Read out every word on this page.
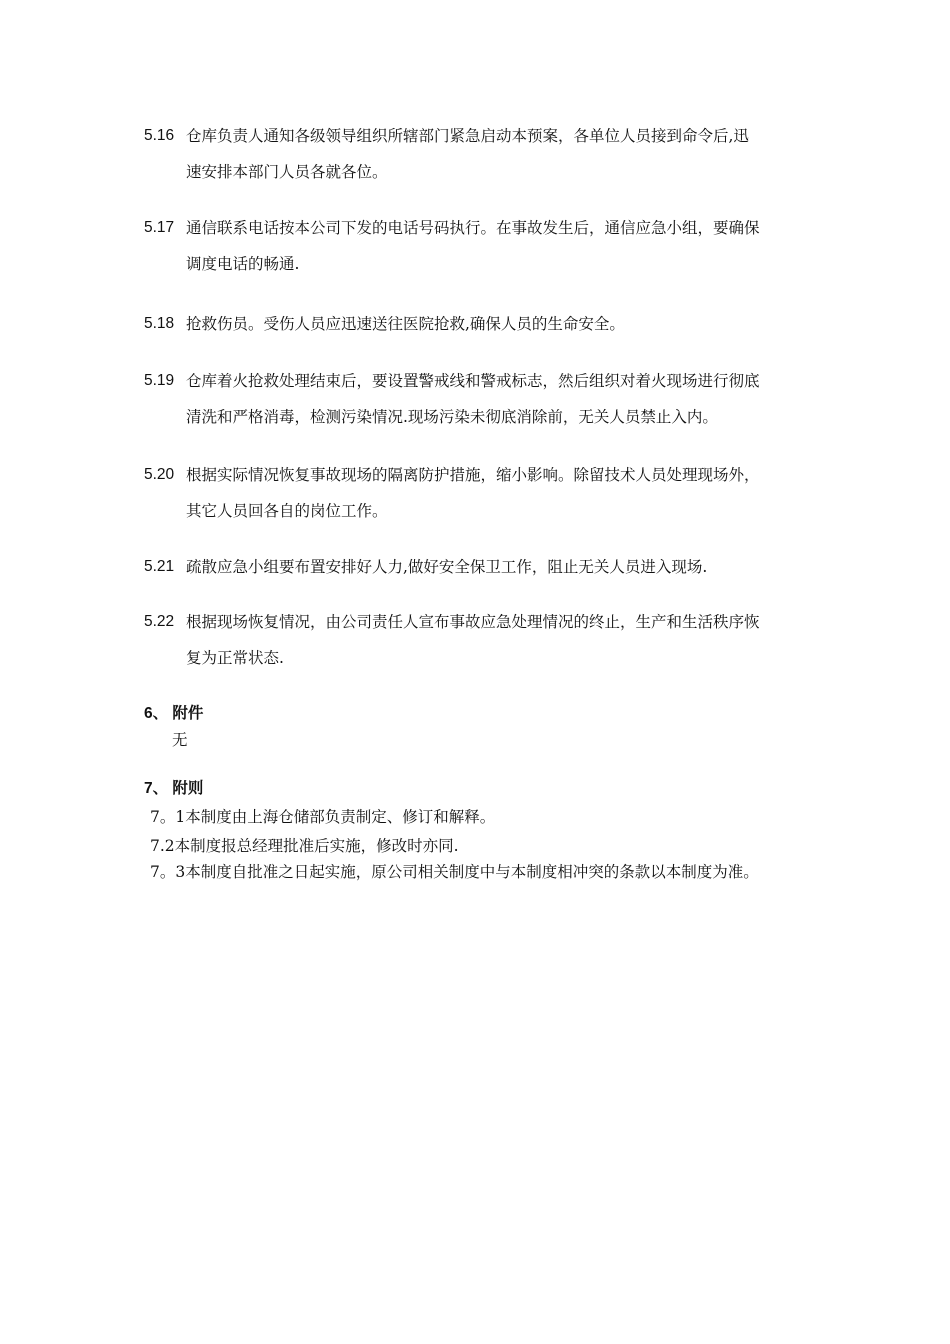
5.16 仓库负责人通知各级领导组织所辖部门紧急启动本预案，各单位人员接到命令后,迅
速安排本部门人员各就各位。
5.17 通信联系电话按本公司下发的电话号码执行。在事故发生后，通信应急小组，要确保
调度电话的畅通.
5.18 抢救伤员。受伤人员应迅速送往医院抢救,确保人员的生命安全。
5.19 仓库着火抢救处理结束后，要设置警戒线和警戒标志，然后组织对着火现场进行彻底
清洗和严格消毒，检测污染情况.现场污染未彻底消除前，无关人员禁止入内。
5.20 根据实际情况恢复事故现场的隔离防护措施，缩小影响。除留技术人员处理现场外，
其它人员回各自的岗位工作。
5.21 疏散应急小组要布置安排好人力,做好安全保卫工作，阻止无关人员进入现场.
5.22 根据现场恢复情况，由公司责任人宣布事故应急处理情况的终止，生产和生活秩序恢
复为正常状态.
6、 附件
无
7、 附则
7。1本制度由上海仓储部负责制定、修订和解释。
7.2本制度报总经理批准后实施，修改时亦同.
7。3本制度自批准之日起实施，原公司相关制度中与本制度相冲突的条款以本制度为准。
